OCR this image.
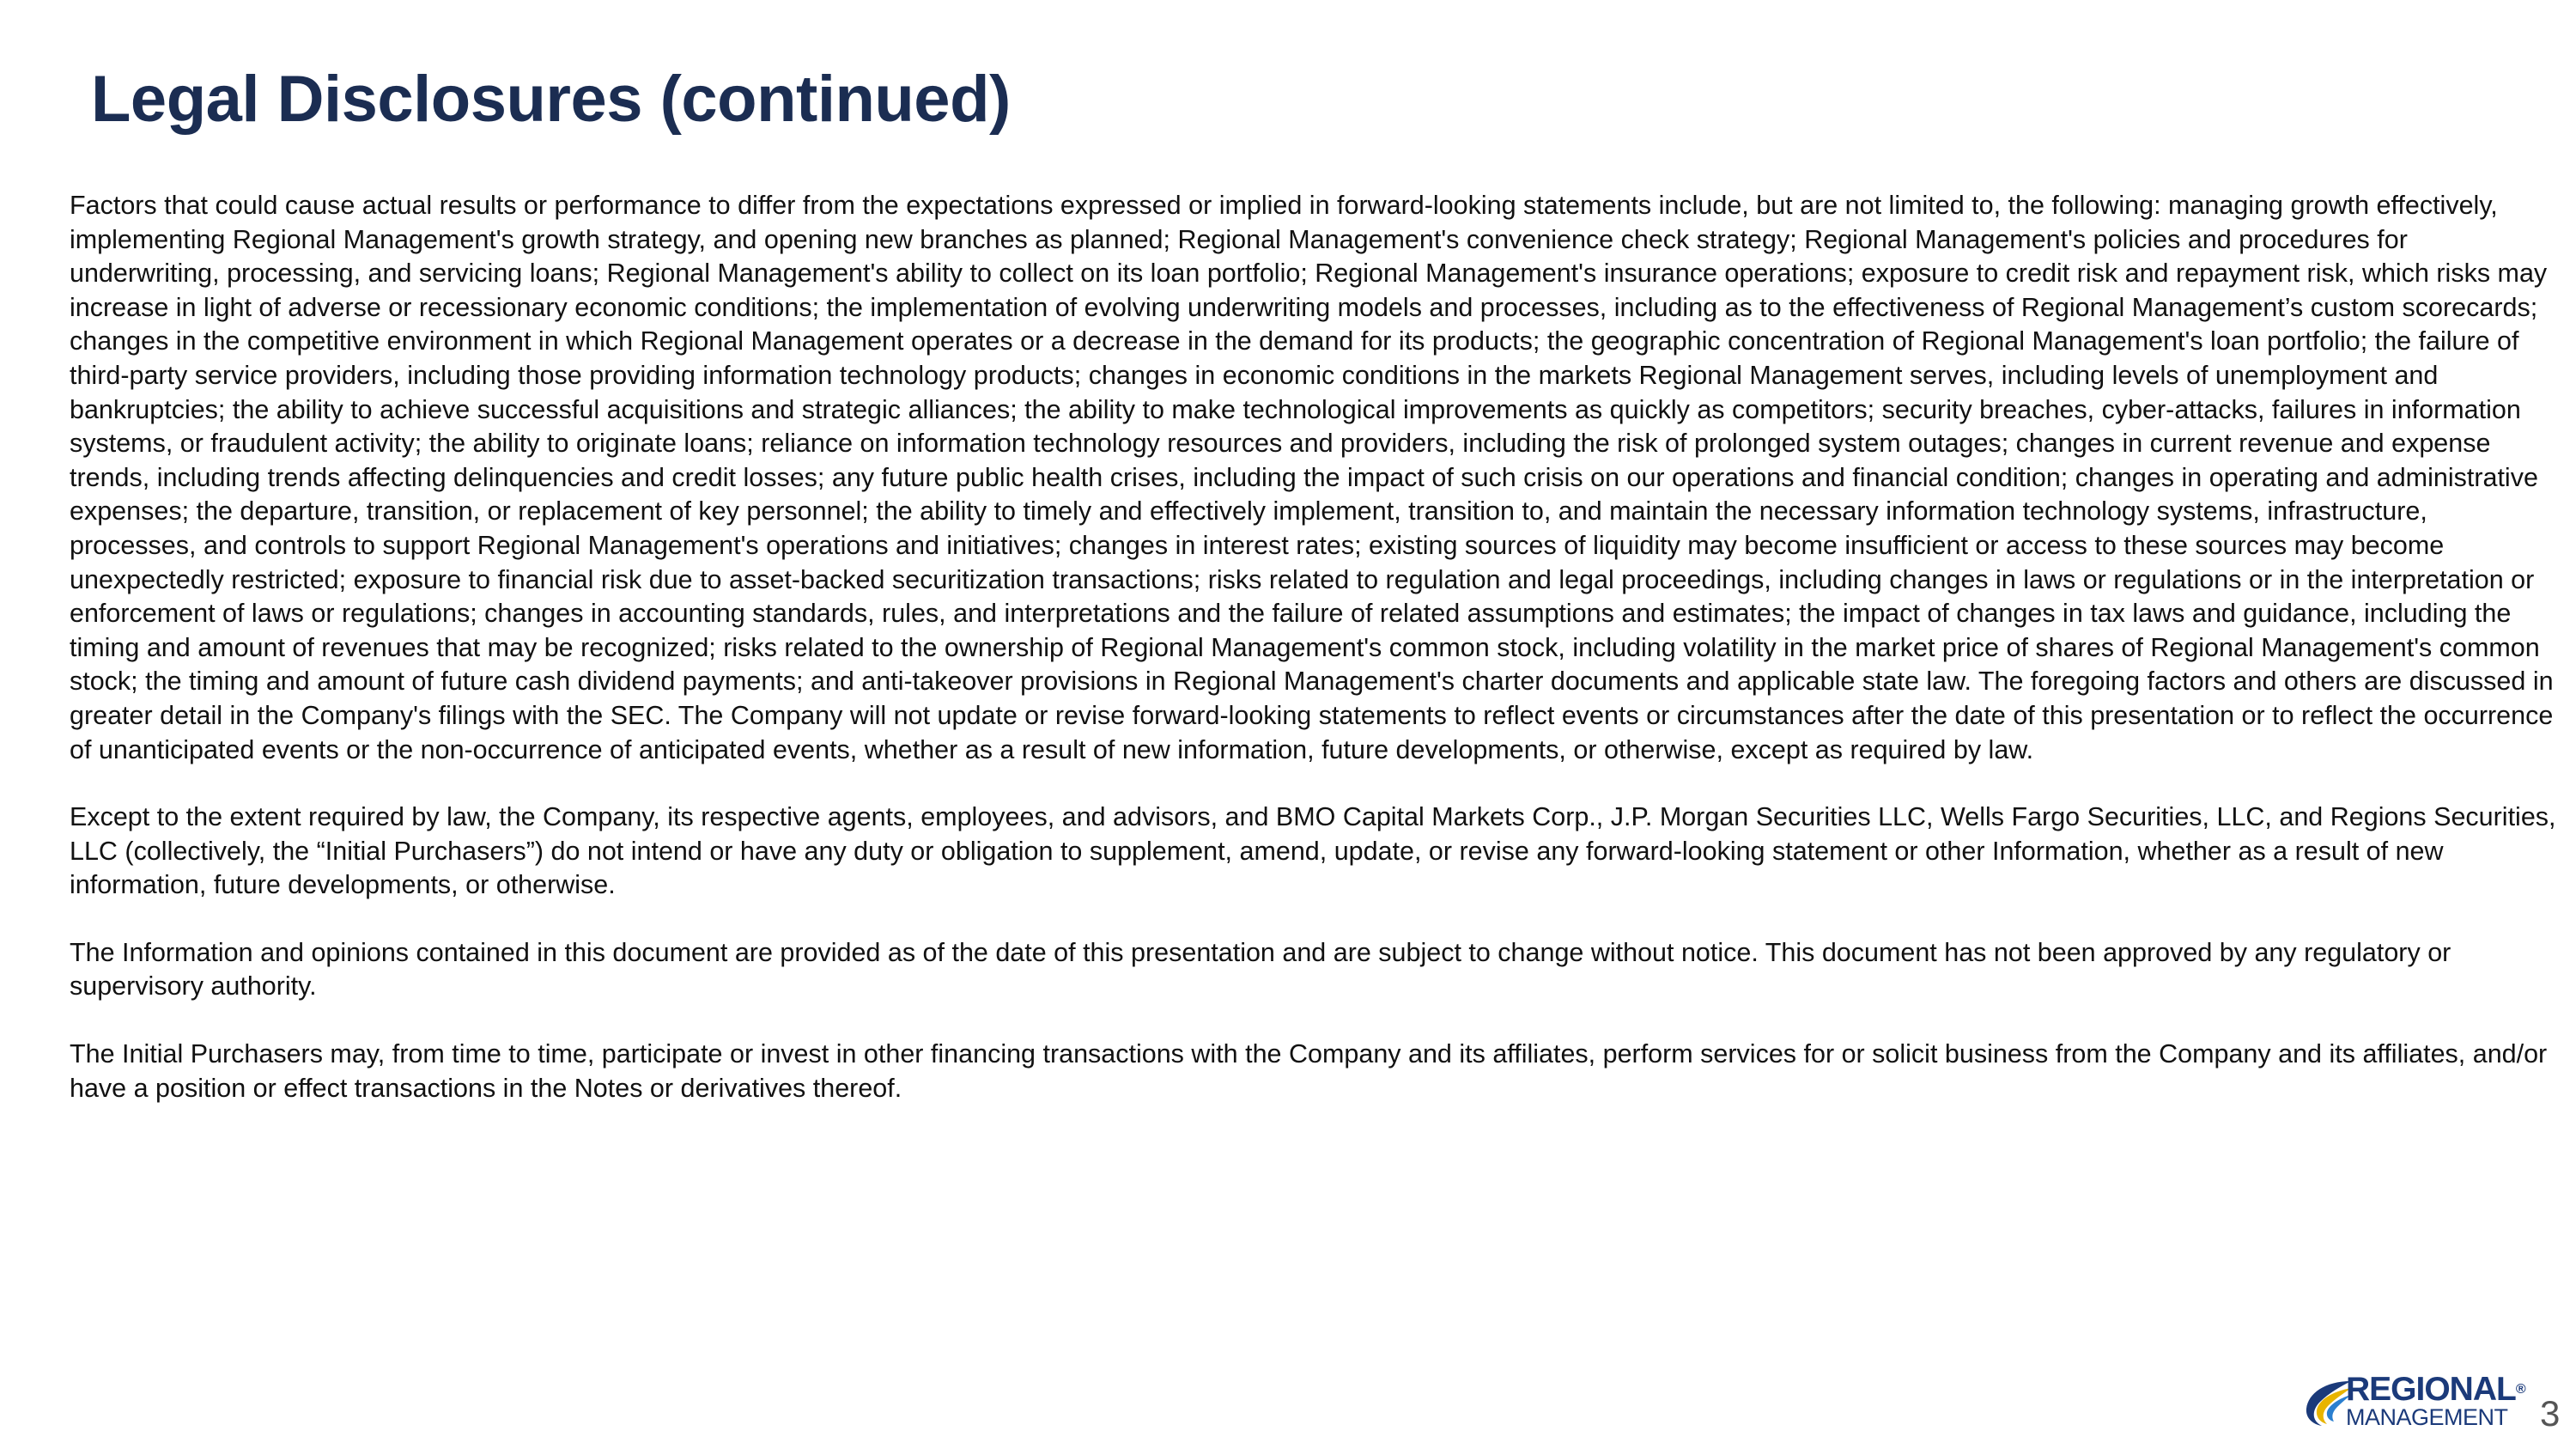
Legal Disclosures (continued)

Factors that could cause actual results or performance to differ from the expectations expressed or implied in forward-looking statements include, but are not limited to, the following: managing growth effectively, implementing Regional Management's growth strategy, and opening new branches as planned; Regional Management's convenience check strategy; Regional Management's policies and procedures for underwriting, processing, and servicing loans; Regional Management's ability to collect on its loan portfolio; Regional Management's insurance operations; exposure to credit risk and repayment risk, which risks may increase in light of adverse or recessionary economic conditions; the implementation of evolving underwriting models and processes, including as to the effectiveness of Regional Management’s custom scorecards; changes in the competitive environment in which Regional Management operates or a decrease in the demand for its products; the geographic concentration of Regional Management's loan portfolio; the failure of third-party service providers, including those providing information technology products; changes in economic conditions in the markets Regional Management serves, including levels of unemployment and bankruptcies; the ability to achieve successful acquisitions and strategic alliances; the ability to make technological improvements as quickly as competitors; security breaches, cyber-attacks, failures in information systems, or fraudulent activity; the ability to originate loans; reliance on information technology resources and providers, including the risk of prolonged system outages; changes in current revenue and expense trends, including trends affecting delinquencies and credit losses; any future public health crises, including the impact of such crisis on our operations and financial condition; changes in operating and administrative expenses; the departure, transition, or replacement of key personnel; the ability to timely and effectively implement, transition to, and maintain the necessary information technology systems, infrastructure, processes, and controls to support Regional Management's operations and initiatives; changes in interest rates; existing sources of liquidity may become insufficient or access to these sources may become unexpectedly restricted; exposure to financial risk due to asset-backed securitization transactions; risks related to regulation and legal proceedings, including changes in laws or regulations or in the interpretation or enforcement of laws or regulations; changes in accounting standards, rules, and interpretations and the failure of related assumptions and estimates; the impact of changes in tax laws and guidance, including the timing and amount of revenues that may be recognized; risks related to the ownership of Regional Management's common stock, including volatility in the market price of shares of Regional Management's common stock; the timing and amount of future cash dividend payments; and anti-takeover provisions in Regional Management's charter documents and applicable state law. The foregoing factors and others are discussed in greater detail in the Company's filings with the SEC. The Company will not update or revise forward-looking statements to reflect events or circumstances after the date of this presentation or to reflect the occurrence of unanticipated events or the non-occurrence of anticipated events, whether as a result of new information, future developments, or otherwise, except as required by law.

Except to the extent required by law, the Company, its respective agents, employees, and advisors, and BMO Capital Markets Corp., J.P. Morgan Securities LLC, Wells Fargo Securities, LLC, and Regions Securities, LLC (collectively, the “Initial Purchasers”) do not intend or have any duty or obligation to supplement, amend, update, or revise any forward-looking statement or other Information, whether as a result of new information, future developments, or otherwise.

The Information and opinions contained in this document are provided as of the date of this presentation and are subject to change without notice. This document has not been approved by any regulatory or supervisory authority.

The Initial Purchasers may, from time to time, participate or invest in other financing transactions with the Company and its affiliates, perform services for or solicit business from the Company and its affiliates, and/or have a position or effect transactions in the Notes or derivatives thereof.

REGIONAL®
MANAGEMENT 3
